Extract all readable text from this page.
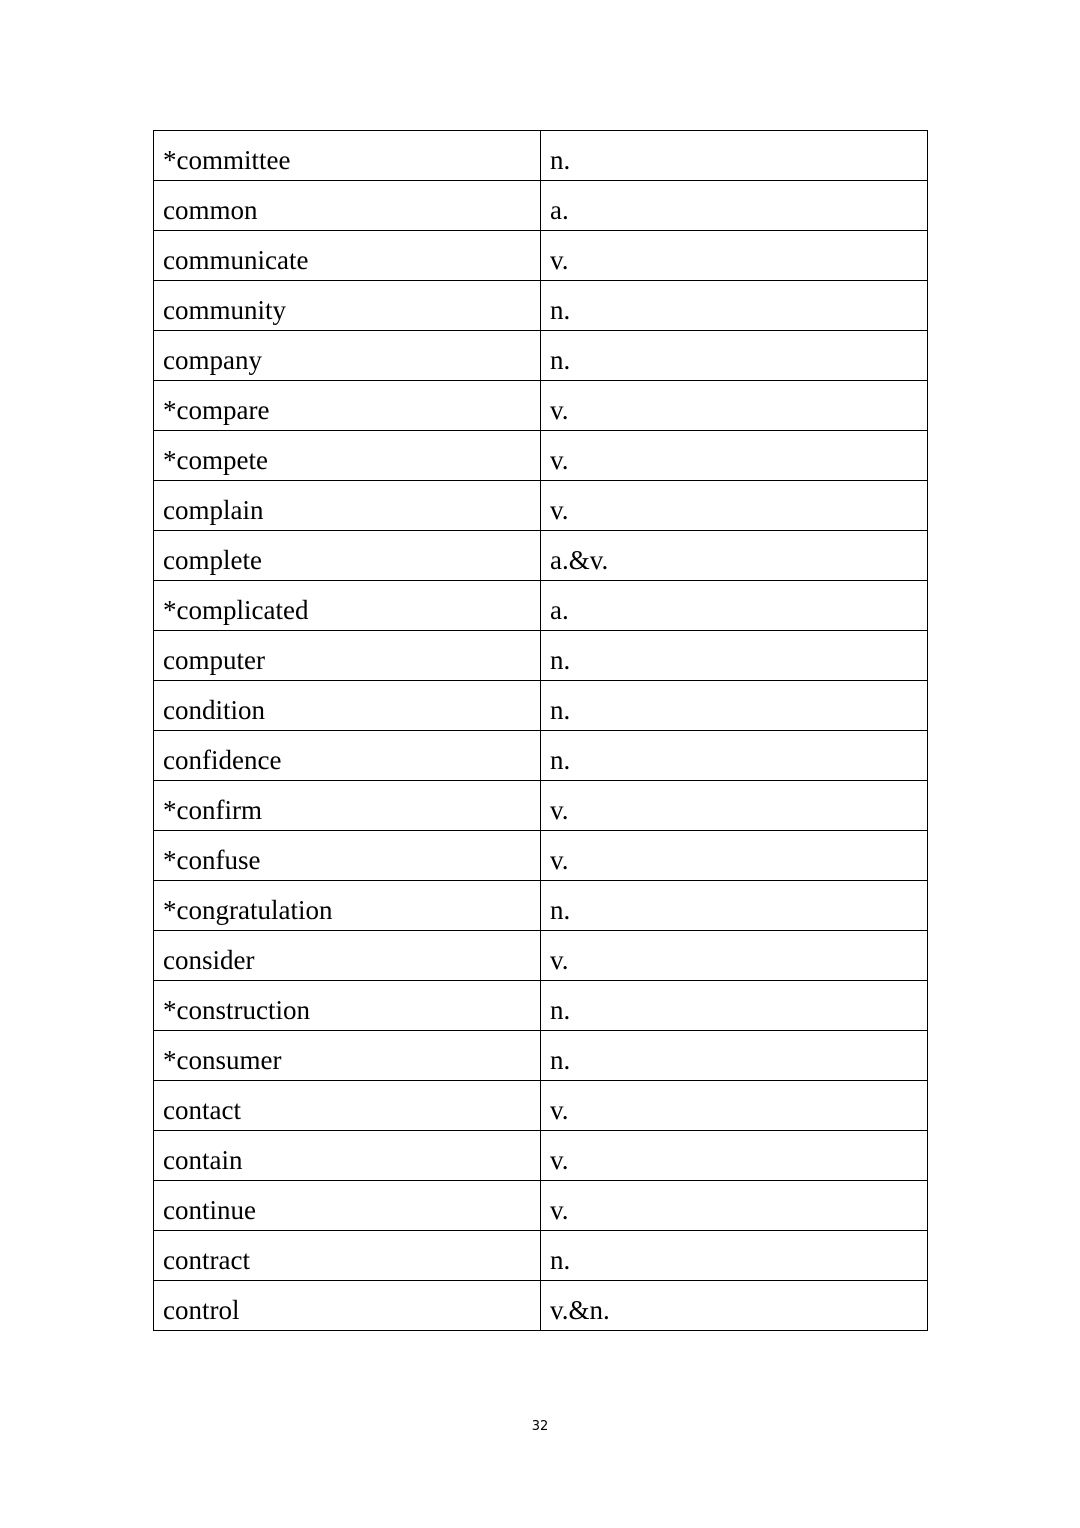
*committee	n.
common	a.
communicate	v.
community	n.
company	n.
*compare	v.
*compete	v.
complain	v.
complete	a.&v.
*complicated	a.
computer	n.
condition	n.
confidence	n.
*confirm	v.
*confuse	v.
*congratulation	n.
consider	v.
*construction	n.
*consumer	n.
contact	v.
contain	v.
continue	v.
contract	n.
control	v.&n.
32
